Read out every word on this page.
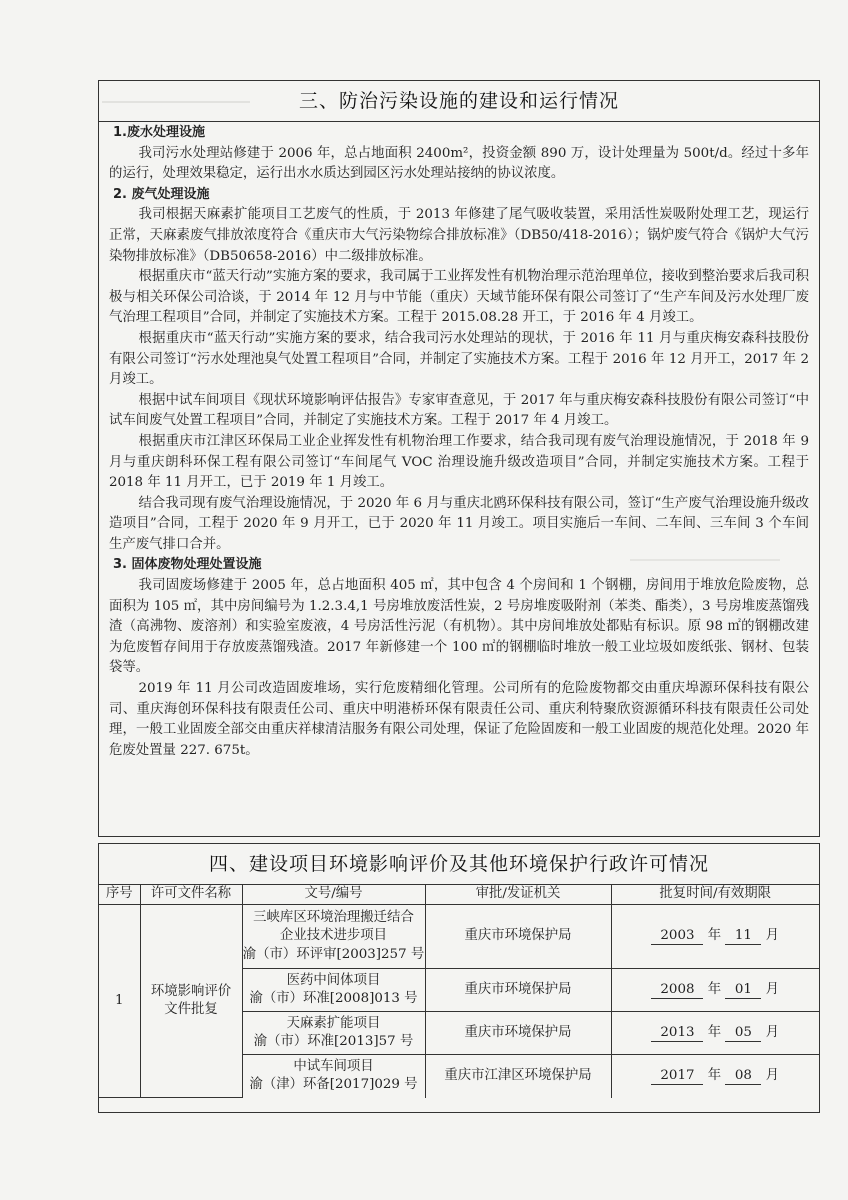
三、防治污染设施的建设和运行情况
1.废水处理设施
我司污水处理站修建于 2006 年，总占地面积 2400m²，投资金额 890 万，设计处理量为 500t/d。经过十多年的运行，处理效果稳定，运行出水水质达到园区污水处理站接纳的协议浓度。
2. 废气处理设施
我司根据天麻素扩能项目工艺废气的性质，于 2013 年修建了尾气吸收装置，采用活性炭吸附处理工艺，现运行正常，天麻素废气排放浓度符合《重庆市大气污染物综合排放标准》（DB50/418-2016）；锅炉废气符合《锅炉大气污染物排放标准》（DB50658-2016）中二级排放标准。
根据重庆市“蓝天行动”实施方案的要求，我司属于工业挥发性有机物治理示范治理单位，接收到整治要求后我司积极与相关环保公司洽谈，于 2014 年 12 月与中节能（重庆）天域节能环保有限公司签订了“生产车间及污水处理厂废气治理工程项目”合同，并制定了实施技术方案。工程于 2015.08.28 开工，于 2016 年 4 月竣工。
根据重庆市“蓝天行动”实施方案的要求，结合我司污水处理站的现状，于 2016 年 11 月与重庆梅安森科技股份有限公司签订“污水处理池臭气处置工程项目”合同，并制定了实施技术方案。工程于 2016 年 12 月开工，2017 年 2 月竣工。
根据中试车间项目《现状环境影响评估报告》专家审查意见，于 2017 年与重庆梅安森科技股份有限公司签订“中试车间废气处置工程项目”合同，并制定了实施技术方案。工程于 2017 年 4 月竣工。
根据重庆市江津区环保局工业企业挥发性有机物治理工作要求，结合我司现有废气治理设施情况，于 2018 年 9 月与重庆朗科环保工程有限公司签订“车间尾气 VOC 治理设施升级改造项目”合同，并制定实施技术方案。工程于 2018 年 11 月开工，已于 2019 年 1 月竣工。
结合我司现有废气治理设施情况，于 2020 年 6 月与重庆北鸥环保科技有限公司，签订“生产废气治理设施升级改造项目”合同，工程于 2020 年 9 月开工，已于 2020 年 11 月竣工。项目实施后一车间、二车间、三车间 3 个车间生产废气排口合并。
3. 固体废物处理处置设施
我司固废场修建于 2005 年，总占地面积 405 ㎡，其中包含 4 个房间和 1 个钢棚，房间用于堆放危险废物，总面积为 105 ㎡，其中房间编号为 1.2.3.4,1 号房堆放废活性炭，2 号房堆废吸附剂（苯类、酯类），3 号房堆废蒸馏残渣（高沸物、废溶剂）和实验室废液，4 号房活性污泥（有机物）。其中房间堆放处都贴有标识。原 98 ㎡的钢棚改建为危废暂存间用于存放废蒸馏残渣。2017 年新修建一个 100 ㎡的钢棚临时堆放一般工业垃圾如废纸张、钢材、包装袋等。
2019 年 11 月公司改造固废堆场，实行危废精细化管理。公司所有的危险废物都交由重庆埠源环保科技有限公司、重庆海创环保科技有限责任公司、重庆中明港桥环保有限责任公司、重庆利特聚欣资源循环科技有限责任公司处理，一般工业固废全部交由重庆祥棣清洁服务有限公司处理，保证了危险固废和一般工业固废的规范化处理。2020 年危废处置量 227. 675t。
四、建设项目环境影响评价及其他环境保护行政许可情况
序号	许可文件名称	文号/编号	审批/发证机关	批复时间/有效期限
1	环境影响评价文件批复	三峡库区环境治理搬迁结合
企业技术进步项目
渝（市）环评审[2003]257 号	重庆市环境保护局	2003 年 11 月

		医药中间体项目
渝（市）环准[2008]013 号	重庆市环境保护局	2008 年 01 月

		天麻素扩能项目
渝（市）环准[2013]57 号	重庆市环境保护局	2013 年 05 月

		中试车间项目
渝（津）环备[2017]029 号	重庆市江津区环境保护局	2017 年 08 月
